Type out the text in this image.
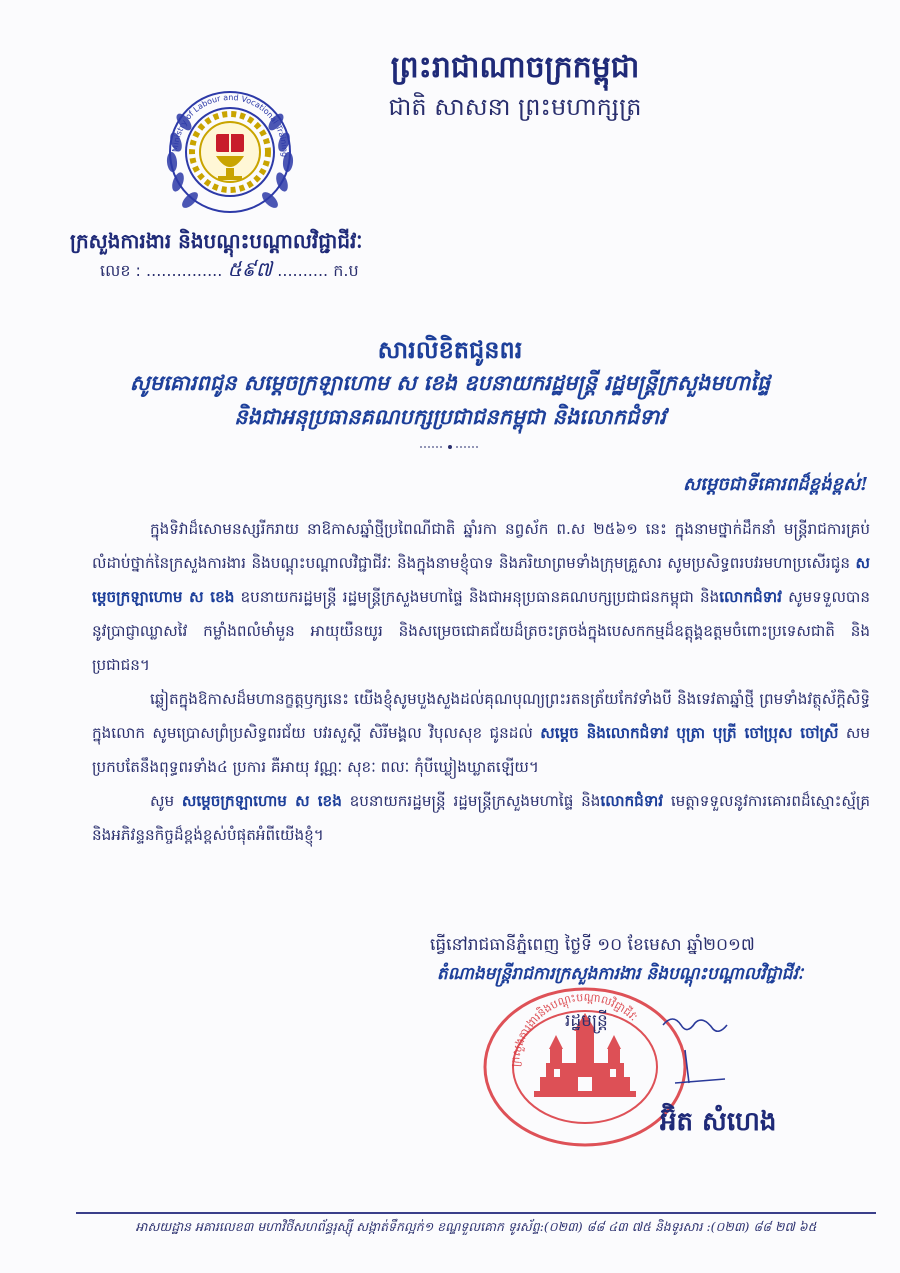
ព្រះរាជាណាចក្រកម្ពុជា
ជាតិ សាសនា ព្រះមហាក្សត្រ
Ministry of Labour and Vocational Training
ក្រសួងការងារ និងបណ្តុះបណ្តាលវិជ្ជាជីវៈ
លេខ : ............... ៥៩៧ .......... ក.ប
សារលិខិតជូនពរ
សូមគោរពជូន សម្តេចក្រឡាហោម ស ខេង ឧបនាយករដ្ឋមន្ត្រី រដ្ឋមន្ត្រីក្រសួងមហាផ្ទៃ
និងជាអនុប្រធានគណបក្សប្រជាជនកម្ពុជា និងលោកជំទាវ
សម្តេចជាទីគោរពដ៏ខ្ពង់ខ្ពស់!

ក្នុងទិវាដ៏សោមនស្សរីករាយ នាឱកាសឆ្នាំថ្មីប្រពៃណីជាតិ ឆ្នាំរកា នព្វស័ក ព.ស ២៥៦១ នេះ ក្នុងនាមថ្នាក់ដឹកនាំ មន្ត្រីរាជការគ្រប់លំដាប់ថ្នាក់នៃក្រសួងការងារ និងបណ្តុះបណ្តាលវិជ្ជាជីវៈ និងក្នុងនាមខ្ញុំបាទ និងភរិយាព្រមទាំងក្រុមគ្រួសារ សូមប្រសិទ្ធពរបវរមហាប្រសើរជូន សម្តេចក្រឡាហោម ស ខេង ឧបនាយករដ្ឋមន្ត្រី រដ្ឋមន្ត្រីក្រសួងមហាផ្ទៃ និងជាអនុប្រធានគណបក្សប្រជាជនកម្ពុជា និងលោកជំទាវ សូមទទួលបាននូវប្រាជ្ញាឈ្លាសវៃ កម្លាំងពលំមាំមួន អាយុយឺនយូរ និងសម្រេចជោគជ័យដ៏ត្រចះត្រចង់ក្នុងបេសកកម្មដ៏ឧត្តុង្គឧត្តមចំពោះប្រទេសជាតិ និងប្រជាជន។

ឆ្លៀតក្នុងឱកាសដ៏មហានក្ខត្តឫក្សនេះ យើងខ្ញុំសូមបួងសួងដល់គុណបុណ្យព្រះរតនត្រ័យកែវទាំងបី និងទេវតាឆ្នាំថ្មី ព្រមទាំងវត្ថុស័ក្តិសិទ្ធិក្នុងលោក សូមប្រោសព្រំប្រសិទ្ធពរជ័យ បវរសួស្តី សិរីមង្គល វិបុលសុខ ជូនដល់ សម្តេច និងលោកជំទាវ បុត្រា បុត្រី ចៅប្រុស ចៅស្រី សមប្រកបតែនឹងពុទ្ធពរទាំង៤ ប្រការ គឺអាយុ វណ្ណៈ សុខៈ ពលៈ កុំបីឃ្លៀងឃ្លាតឡើយ។

សូម សម្តេចក្រឡាហោម ស ខេង ឧបនាយករដ្ឋមន្ត្រី រដ្ឋមន្ត្រីក្រសួងមហាផ្ទៃ និងលោកជំទាវ មេត្តាទទួលនូវការគោរពដ៏ស្មោះស្ម័គ្រ និងអភិវន្ទនកិច្ចដ៏ខ្ពង់ខ្ពស់បំផុតអំពីយើងខ្ញុំ។

ធ្វើនៅរាជធានីភ្នំពេញ ថ្ងៃទី ១០ ខែមេសា ឆ្នាំ២០១៧
តំណាងមន្ត្រីរាជការក្រសួងការងារ និងបណ្តុះបណ្តាលវិជ្ជាជីវៈ
ក្រសួងការងារនិងបណ្តុះបណ្តាលវិជ្ជាជីវៈ
រដ្ឋមន្ត្រី
អ៊ិត សំហេង
អាសយដ្ឋាន អគារលេខ៣ មហាវិថីសហព័ន្ធរុស្ស៊ី សង្កាត់ទឹកល្អក់១ ខណ្ឌទួលគោក ទូរស័ព្ទ:(០២៣) ៨៨ ៤៣ ៧៥ និងទូរសារ :(០២៣) ៨៨ ២៧ ៦៥
